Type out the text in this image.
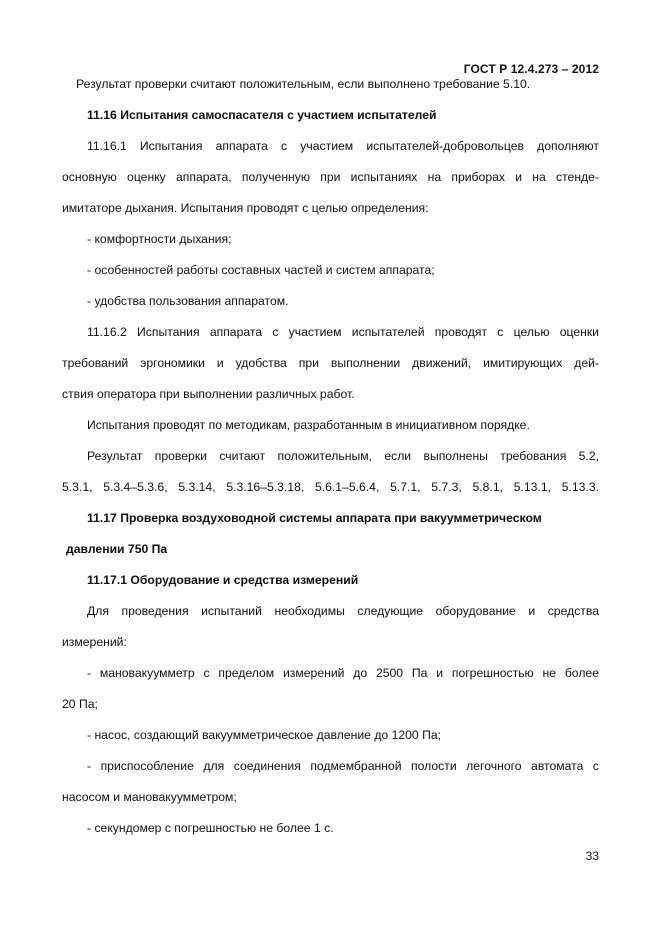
ГОСТ Р 12.4.273 – 2012
Результат проверки считают положительным, если выполнено требование 5.10.
11.16 Испытания самоспасателя с участием испытателей
11.16.1 Испытания аппарата с участием испытателей-добровольцев дополняют
основную оценку аппарата, полученную при испытаниях на приборах и на стенде-
имитаторе дыхания. Испытания проводят с целью определения:
- комфортности дыхания;
- особенностей работы составных частей и систем аппарата;
- удобства пользования аппаратом.
11.16.2 Испытания аппарата с участием испытателей проводят с целью оценки
требований эргономики и удобства при выполнении движений, имитирующих дей-
ствия оператора при выполнении различных работ.
Испытания проводят по методикам, разработанным в инициативном порядке.
Результат проверки считают положительным, если выполнены требования 5.2,
5.3.1, 5.3.4–5.3.6, 5.3.14, 5.3.16–5.3.18, 5.6.1–5.6.4, 5.7.1, 5.7.3, 5.8.1, 5.13.1, 5.13.3.
11.17 Проверка воздуховодной системы аппарата при вакуумметрическом
давлении 750 Па
11.17.1 Оборудование и средства измерений
Для проведения испытаний необходимы следующие оборудование и средства
измерений:
- мановакуумметр с пределом измерений до 2500 Па и погрешностью не более
20 Па;
- насос, создающий вакуумметрическое давление до 1200 Па;
- приспособление для соединения подмембранной полости легочного автомата с
насосом и мановакуумметром;
- секундомер с погрешностью не более 1 с.
33
